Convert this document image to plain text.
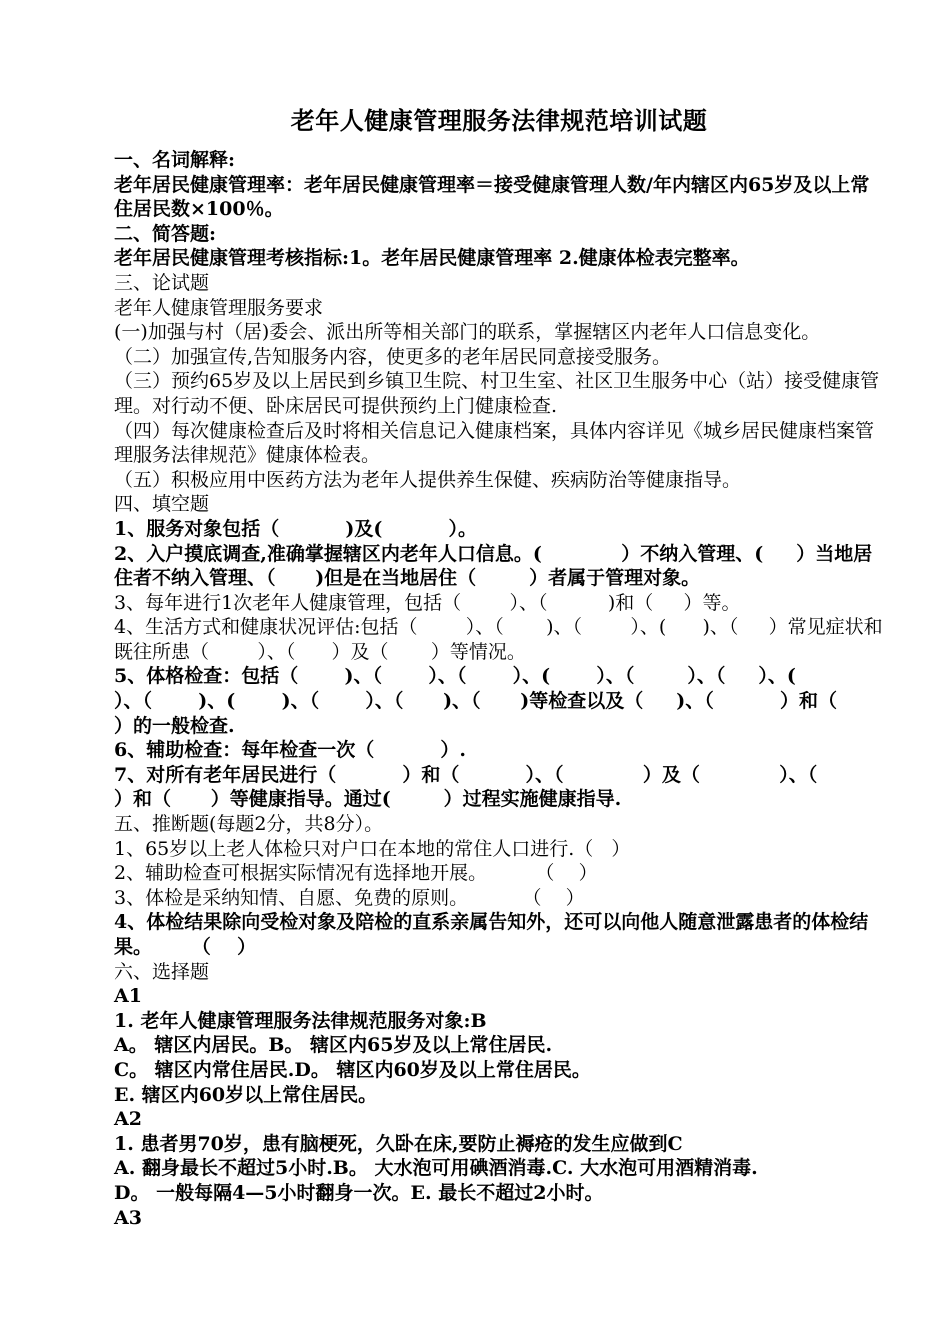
老年人健康管理服务法律规范培训试题

一、名词解释:

老年居民健康管理率：老年居民健康管理率＝接受健康管理人数/年内辖区内65岁及以上常住居民数×100％。

二、简答题:

老年居民健康管理考核指标:1。老年居民健康管理率 2.健康体检表完整率。

三、论试题

老年人健康管理服务要求

(一)加强与村（居)委会、派出所等相关部门的联系，掌握辖区内老年人口信息变化。

（二）加强宣传,告知服务内容，使更多的老年居民同意接受服务。

（三）预约65岁及以上居民到乡镇卫生院、村卫生室、社区卫生服务中心（站）接受健康管理。对行动不便、卧床居民可提供预约上门健康检查.

（四）每次健康检查后及时将相关信息记入健康档案，具体内容详见《城乡居民健康档案管理服务法律规范》健康体检表。

（五）积极应用中医药方法为老年人提供养生保健、疾病防治等健康指导。

四、填空题

1、服务对象包括（          )及(          ）。

2、入户摸底调查,准确掌握辖区内老年人口信息。(            ）不纳入管理、(     ）当地居住者不纳入管理、（      )但是在当地居住（        ）者属于管理对象。

3、每年进行1次老年人健康管理，包括（        ）、（          )和（     ）等。

4、生活方式和健康状况评估:包括（        ）、（       )、（        ）、(      )、（     ）常见症状和既往所患（        ）、（      ）及（       ）等情况。

5、体格检查：包括（       )、（       ）、（       ）、(       ）、（        ）、（     ）、(          ）、（       )、(       )、（       ）、（      )、（      )等检查以及（     )、（          ）和（          ）的一般检查.

6、辅助检查：每年检查一次（          ）.

7、对所有老年居民进行（          ）和（          ）、（            ）及（            ）、（         ）和（      ）等健康指导。通过(        ）过程实施健康指导.

五、推断题(每题2分，共8分）。

1、65岁以上老人体检只对户口在本地的常住人口进行.（   ）

2、辅助检查可根据实际情况有选择地开展。        （    ）

3、体检是采纳知情、自愿、免费的原则。         （    ）

4、体检结果除向受检对象及陪检的直系亲属告知外，还可以向他人随意泄露患者的体检结果。      （    ）

六、选择题

A1

1. 老年人健康管理服务法律规范服务对象:B

A。 辖区内居民。B。 辖区内65岁及以上常住居民.

C。 辖区内常住居民.D。 辖区内60岁及以上常住居民。

E. 辖区内60岁以上常住居民。

A2

1. 患者男70岁，患有脑梗死，久卧在床,要防止褥疮的发生应做到C

A. 翻身最长不超过5小时.B。 大水泡可用碘酒消毒.C. 大水泡可用酒精消毒.

D。 一般每隔4—5小时翻身一次。E. 最长不超过2小时。

A3
